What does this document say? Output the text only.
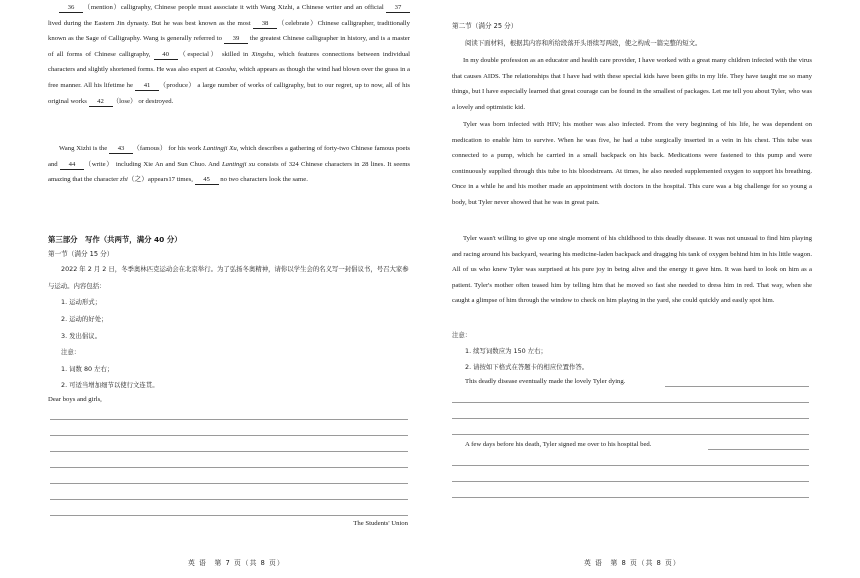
36 （mention）calligraphy, Chinese people must associate it with Wang Xizhi, a Chinese writer and an official 37 lived during the Eastern Jin dynasty. But he was best known as the most 38 （celebrate）Chinese calligrapher, traditionally known as the Sage of Calligraphy. Wang is generally referred to 39 the greatest Chinese calligrapher in history, and is a master of all forms of Chinese calligraphy, 40 （especial） skilled in Xingshu, which features connections between individual characters and slightly shortened forms. He was also expert at Caoshu, which appears as though the wind had blown over the grass in a free manner. All his lifetime he 41 （produce） a large number of works of calligraphy, but to our regret, up to now, all of his original works 42 （lose） or destroyed.

Wang Xizhi is the 43 （famous） for his work Lantingji Xu, which describes a gathering of forty-two Chinese famous poets and 44 （write） including Xie An and Sun Chuo. And Lantingji xu consists of 324 Chinese characters in 28 lines. It seems amazing that the character zhi（之）appears17 times, 45 no two characters look the same.

第三部分　写作（共两节，满分 40 分）

第一节（满分 15 分）

2022 年 2 月 2 日，冬季奥林匹克运动会在北京举行。为了弘扬冬奥精神，请你以学生会的名义写一封倡议书，号召大家参与运动。内容包括：

1. 运动形式；

2. 运动的好处；

3. 发出倡议。

注意：

1. 词数 80 左右；

2. 可适当增加细节以使行文连贯。

Dear boys and girls,

The Students' Union
英 语　第 7 页（共 8 页）

第二节（满分 25 分）

阅读下面材料，根据其内容和所给段落开头语续写两段，使之构成一篇完整的短文。

In my double profession as an educator and health care provider, I have worked with a great many children infected with the virus that causes AIDS. The relationships that I have had with these special kids have been gifts in my life. They have taught me so many things, but I have especially learned that great courage can be found in the smallest of packages. Let me tell you about Tyler, who was a lovely and optimistic kid.

Tyler was born infected with HIV; his mother was also infected. From the very beginning of his life, he was dependent on medication to enable him to survive. When he was five, he had a tube surgically inserted in a vein in his chest. This tube was connected to a pump, which he carried in a small backpack on his back. Medications were fastened to this pump and were continuously supplied through this tube to his bloodstream. At times, he also needed supplemented oxygen to support his breathing. Once in a while he and his mother made an appointment with doctors in the hospital. This cure was a big challenge for so young a body, but Tyler never showed that he was in great pain.

Tyler wasn't willing to give up one single moment of his childhood to this deadly disease. It was not unusual to find him playing and racing around his backyard, wearing his medicine-laden backpack and dragging his tank of oxygen behind him in his little wagon. All of us who knew Tyler was surprised at his pure joy in being alive and the energy it gave him. It was hard to look on him as a patient. Tyler's mother often teased him by telling him that he moved so fast she needed to dress him in red. That way, when she caught a glimpse of him through the window to check on him playing in the yard, she could quickly and easily spot him.

注意：

1. 续写词数应为 150 左右；

2. 请按如下格式在答题卡的相应位置作答。

This deadly disease eventually made the lovely Tyler dying.

A few days before his death, Tyler signed me over to his hospital bed.

英 语　第 8 页（共 8 页）
